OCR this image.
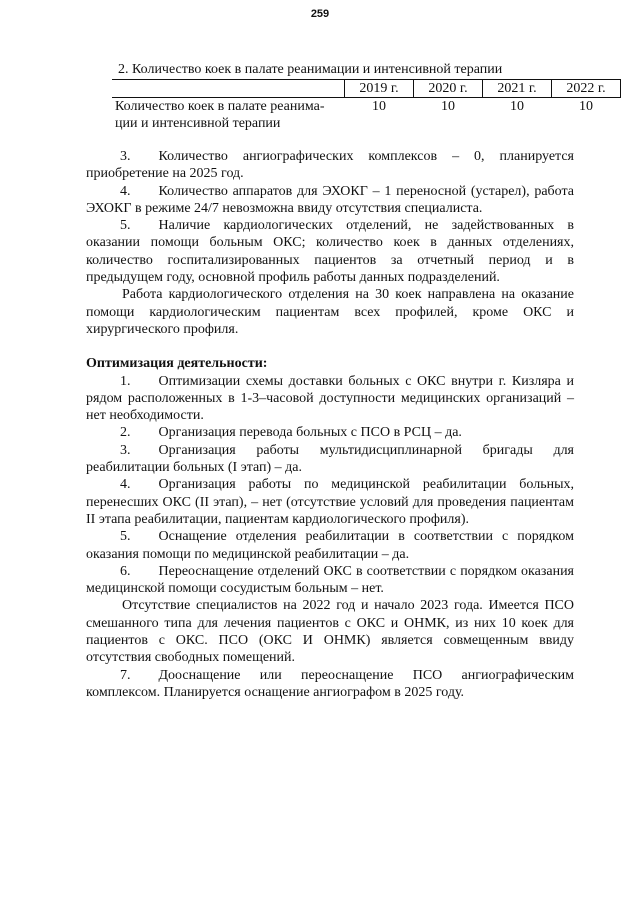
259
2. Количество коек в палате реанимации и интенсивной терапии
	2019 г.	2020 г.	2021 г.	2022 г.
Количество коек в палате реанима-ции и интенсивной терапии	10	10	10	10

3.  Количество ангиографических комплексов – 0, планируется приобретение на 2025 год.

4.  Количество аппаратов для ЭХОКГ – 1 переносной (устарел), работа ЭХОКГ в режиме 24/7 невозможна ввиду отсутствия специалиста.

5.  Наличие кардиологических отделений, не задействованных в оказании помощи больным ОКС; количество коек в данных отделениях, количество госпитализированных пациентов за отчетный период и в предыдущем году, основной профиль работы данных подразделений.

Работа кардиологического отделения на 30 коек направлена на оказание помощи кардиологическим пациентам всех профилей, кроме ОКС и хирургического профиля.

Оптимизация деятельности:

1.  Оптимизации схемы доставки больных с ОКС внутри г. Кизляра и рядом расположенных в 1-3–часовой доступности медицинских организаций – нет необходимости.

2.  Организация перевода больных с ПСО в РСЦ – да.

3.  Организация работы мультидисциплинарной бригады для реабилитации больных (I этап) – да.

4.  Организация работы по медицинской реабилитации больных, перенесших ОКС (II этап), – нет (отсутствие условий для проведения пациентам II этапа реабилитации, пациентам кардиологического профиля).

5.  Оснащение отделения реабилитации в соответствии с порядком оказания помощи по медицинской реабилитации – да.

6.  Переоснащение отделений ОКС в соответствии с порядком оказания медицинской помощи сосудистым больным – нет.

Отсутствие специалистов на 2022 год и начало 2023 года. Имеется ПСО смешанного типа для лечения пациентов с ОКС и ОНМК, из них 10 коек для пациентов с ОКС. ПСО (ОКС И ОНМК) является совмещенным ввиду отсутствия свободных помещений.

7.  Дооснащение или переоснащение ПСО ангиографическим комплексом. Планируется оснащение ангиографом в 2025 году.
